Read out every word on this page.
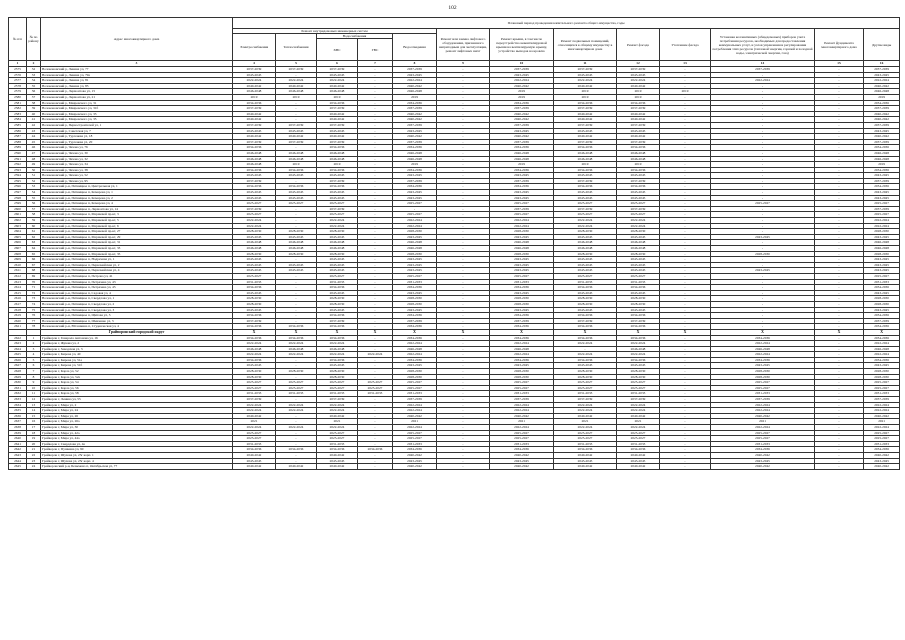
102
№ п/п	№ по району	Адрес многоквартирного дома	Плановый период проведения капитального ремонта общего имущества, годы												
			Ремонт внутридомовых инженерных систем					Ремонт или замена лифтового оборудования, признанного непригодным для эксплуатации, ремонт лифтовых шахт	Ремонт крыши, в том числе переустройство невентилируемой крыши на вентилируемую крышу, устройство выходов на кровлю	Ремонт подвальных помещений, относящихся к общему имуществу в многоквартирном доме	Ремонт фасада	Утепление фасада	Установка коллективных (общедомовых) приборов учета потребления ресурсов, необходимых для предоставления коммунальных услуг, и узлов управления и регулирования потребления этих ресурсов (тепловой энергии, горячей и холодной воды, электрической энергии, газа)	Ремонт фундамента многоквартирного дома	Другие виды
			Электроснабжения	Теплоснабжения	Водоснабжения		Водоотведения								
					ХВС	ГВС									
1	2	3	4	5	6	7	8	9	10	11	12	13	14	15	16
2575	32	Волоконовский р, Ленина ул, 77	2037-2039	2037-2039	2037-2039	-	2037-2039	-	2037-2039	2037-2039	2037-2039	-	2037-2039	-	2037-2039
2576	33	Волоконовский р, Ленина ул, 79а	2043-2045	-	2043-2045	-	2043-2045	-	2043-2045	2043-2045	2043-2045	-	-	-	2043-2045
2577	34	Волоконовский р, Ленина ул, 81	2022-2024	2022-2024	2022-2024	-	2022-2024	-	2022-2024	2022-2024	2022-2024	-	2022-2024	-	2022-2024
2578	35	Волоконовский р, Ленина ул, 83	2040-2042	2040-2042	2040-2042	-	2040-2042	-	2040-2042	2040-2042	2040-2042	-	-	-	2040-2042
2579	36	Волоконовский р, Лермонтова ул, 15	2046-2048	2046-2048	2046-2048	-	2046-2048	-	2019	2019	2019	2019	-	-	2046-2048
2580	37	Волоконовский р, Лермонтова ул, 21	2019	2019	2019	-	2019	-	2019	2019	2019	-	-	-	2019
2581	38	Волоконовский р, Маяровского ул, 31	2034-2036	-	2034-2036	-	2034-2036	-	2034-2036	2034-2036	2034-2036	-	-	-	2034-2036
2582	39	Волоконовский р, Маяровского ул, 31б	2037-2039	-	2037-2039	-	2037-2039	-	2037-2039	2037-2039	2037-2039	-	-	-	2037-2039
2583	40	Волоконовский р, Маяровского ул, 33	2040-2042	-	2040-2042	-	2040-2042	-	2040-2042	2040-2042	2040-2042	-	-	-	2040-2042
2584	41	Волоконовский р, Маяровского ул, 35	2040-2042	-	2040-2042	-	2040-2042	-	2040-2042	2040-2042	2040-2042	-	-	-	2040-2042
2585	42	Волоконовский р, Первостроителей ул, 1	2037-2039	2037-2039	2037-2039	-	2037-2039	-	2037-2039	2037-2039	2037-2039	-	-	-	2037-2039
2586	43	Волоконовский р, Советская ул, 7	2043-2045	2043-2045	2043-2045	-	2043-2045	-	2043-2045	2043-2045	2043-2045	-	-	-	2043-2045
2587	44	Волоконовский р, Тургенева ул, 18	2040-2042	2040-2042	2040-2042	-	2040-2042	-	2040-2042	2040-2042	2040-2042	-	-	-	2040-2042
2588	45	Волоконовский р, Тургенева ул, 20	2037-2039	2037-2039	2037-2039	-	2037-2039	-	2037-2039	2037-2039	2037-2039	-	-	-	2037-2039
2589	46	Волоконовский р, Чехова ул, 76	2034-2036	-	2034-2036	-	2034-2036	-	2034-2036	2034-2036	2034-2036	-	-	-	2034-2036
2590	47	Волоконовский р, Чехова ул, 30	2046-2048	2046-2048	2046-2048	-	2046-2048	-	2046-2048	2046-2048	2046-2048	-	-	-	2046-2048
2591	48	Волоконовский р, Чехова ул, 32	2046-2048	2046-2048	2046-2048	-	2046-2048	-	2046-2048	2046-2048	2046-2048	-	-	-	2046-2048
2592	49	Волоконовский р, Чехова ул, 34	2046-2048	2019	2019	-	2019	-	2019	2019	2019	-	-	-	2019
2593	50	Волоконовский р, Чехова ул, 38	2034-2036	2034-2036	2034-2036	-	2034-2036	-	2034-2036	2034-2036	2034-2036	-	-	-	2034-2036
2594	51	Волоконовский р, Чехова ул, 52	2043-2045	2043-2045	2043-2045	-	2043-2045	-	2043-2045	2043-2045	2043-2045	-	-	-	2043-2045
2595	52	Волоконовский р, Чехова ул, 95	2037-2039	-	2037-2039	-	2037-2039	-	2037-2039	2037-2039	2037-2039	-	-	-	2037-2039
2596	53	Волоконовский р-н, Пятницкое п, Центральная ул, 1	2034-2036	2034-2036	2034-2036	-	2034-2036	-	2034-2036	2034-2036	2034-2036	-	-	-	2034-2036
2597	54	Волоконовский р-н, Пятницкое п, Комарова ул, 1	2043-2045	2043-2045	2043-2045	-	2043-2045	-	2043-2045	2043-2045	2043-2045	-	-	-	2043-2045
2598	55	Волоконовский р-н, Пятницкое п, Комарова ул, 2	2043-2045	2043-2045	2043-2045	-	2043-2045	-	2043-2045	2043-2045	2043-2045	-	-	-	2043-2045
2599	56	Волоконовский р-н, Пятницкое п, Комарова ул, 4	2025-2027	2025-2027	2025-2027	-	2025-2027	-	2025-2027	2025-2027	2025-2027	-	2025-2027	-	2025-2027
2600	57	Волоконовский р-н, Пятницкое п, Лермонтова ул, 14	2037-2039	-	2037-2039	-	-	-	2037-2039	2037-2039	2037-2039	-	-	-	2037-2039
2601	58	Волоконовский р-н, Пятницкое п, Маршевой пр-кт, 3	2025-2027	-	2025-2027	-	2025-2027	-	2025-2027	2025-2027	2025-2027	-	-	-	2025-2027
2602	59	Волоконовский р-н, Пятницкое п, Маршевой пр-кт, 5	2022-2024	-	2022-2024	-	2022-2024	-	2022-2024	2022-2024	2022-2024	-	-	-	2022-2024
2603	60	Волоконовский р-н, Пятницкое п, Маршевой пр-кт, 6	2022-2024	-	2022-2024	-	2022-2024	-	2022-2024	2022-2024	2022-2024	-	-	-	2022-2024
2604	61	Волоконовский р-н, Пятницкое п, Маршевой пр-кт, 27	2028-2030	2028-2030	2028-2030	-	2028-2030	-	2028-2030	2028-2030	2028-2030	-	-	-	2028-2030
2605	62	Волоконовский р-н, Пятницкое п, Маршевой пр-кт, 29	2043-2045	2043-2045	2043-2045	-	2043-2045	-	2043-2045	2043-2045	2043-2045	-	2043-2045	-	2043-2045
2606	63	Волоконовский р-н, Пятницкое п, Маршевой пр-кт, 31	2046-2048	2046-2048	2046-2048	-	2046-2048	-	2046-2048	2046-2048	2046-2048	-	-	-	2046-2048
2607	64	Волоконовский р-н, Пятницкое п, Маршевой пр-кт, 33	2046-2048	2046-2048	2046-2048	-	2046-2048	-	2046-2048	2046-2048	2046-2048	-	-	-	2046-2048
2608	65	Волоконовский р-н, Пятницкое п, Маршевой пр-кт, 35	2028-2030	2028-2030	2028-2030	-	2028-2030	-	2028-2030	2028-2030	2028-2030	-	2028-2030	-	2028-2030
2609	66	Волоконовский р-н, Пятницкое п, Надречная ул, 1	2043-2045	-	2043-2045	-	2043-2045	-	2043-2045	2043-2045	2043-2045	-	-	-	2043-2045
2610	67	Волоконовский р-н, Пятницкое п, Первомайская ул, 2	2043-2045	2043-2045	2043-2045	-	2043-2045	-	2043-2045	2043-2045	2043-2045	-	-	-	2043-2045
2611	68	Волоконовский р-н, Пятницкое п, Первомайская ул, 4	2043-2045	2043-2045	2043-2045	-	2043-2045	-	2043-2045	2043-2045	2043-2045	-	2043-2045	-	2043-2045
2612	69	Волоконовский р-н, Пятницкое п, Петрова ул, 41	2025-2027	-	2025-2027	-	2025-2027	-	2025-2027	2025-2027	2025-2027	-	-	-	2025-2027
2613	70	Волоконовский р-н, Пятницкое п, Петрачева ул, 43	2031-2033	-	2031-2033	-	2031-2033	-	2031-2033	2031-2033	2031-2033	-	-	-	2031-2033
2614	71	Волоконовский р-н, Пятницкое п, Петрачева ул, 45	2034-2036	-	2034-2036	-	2034-2036	-	2034-2036	2034-2036	2034-2036	-	-	-	2034-2036
2615	72	Волоконовский р-н, Пятницкое п, Садовая ул, 4	2043-2045	-	2043-2045	-	2043-2045	-	2043-2045	2043-2045	2043-2045	-	-	-	2043-2045
2616	73	Волоконовский р-н, Пятницкое п, Свердлова ул, 1	2028-2030	-	2028-2030	-	2028-2030	-	2028-2030	2028-2030	2028-2030	-	-	-	2028-2030
2617	74	Волоконовский р-н, Пятницкое п, Свердлова ул, 2	2028-2030	-	2028-2030	-	2028-2030	-	2028-2030	2028-2030	2028-2030	-	-	-	2028-2030
2618	75	Волоконовский р-н, Пятницкое п, Свердлова ул, 3	2043-2045	-	2043-2045	-	2043-2045	-	2043-2045	2043-2045	2043-2045	-	-	-	2043-2045
2619	76	Волоконовский р-н, Пятницкое п, Щитова ул, 3	2034-2036	-	2034-2036	-	2034-2036	-	2034-2036	2034-2036	2034-2036	-	-	-	2034-2036
2620	77	Волоконовский р-н, Пятницкое п, Шевченко ул, 3	2037-2039	-	2037-2039	-	2037-2039	-	2037-2039	2037-2039	2037-2039	-	-	-	2037-2039
2621	78	Волоконовский р-н, Юташкина п, Студенческая ул, 4	2034-2036	2034-2036	2034-2036	-	2034-2036	-	2034-2036	2034-2036	2034-2036	-	-	-	2034-2036
		Грайворонский городской округ	X	X	X	X	X	X	X	X	X	X	X	X	X
2622	1	Грайворон г, Генерала Антонова ул, 16	2034-2036	2034-2036	2034-2036	-	2034-2036	-	2034-2036	2034-2036	2034-2036	-	2034-2036	-	2034-2036
2623	2	Грайворон г, Жукова ул, 2	2022-2024	2022-2024	2022-2024	-	2022-2024	-	2022-2024	2022-2024	2022-2024	-	2022-2024	-	2022-2024
2624	3	Грайворон г, Заводская ул, 3	2046-2048	2046-2048	2046-2048	-	2046-2048	-	2046-2048	-	2046-2048	-	2046-2048	-	2046-2048
2625	4	Грайворон г, Кирова ул, 40	2022-2024	2022-2024	2022-2024	2022-2024	2022-2024	-	2022-2024	2022-2024	2022-2024	-	2022-2024	-	2022-2024
2626	5	Грайворон г, Кирова ул, 51а	2034-2036	-	2034-2036	-	2034-2036	-	2034-2036	2034-2036	2034-2036	-	2034-2036	-	2034-2036
2627	6	Грайворон г, Кирова ул, 51б	2043-2045	-	2043-2045	-	2043-2045	-	2043-2045	2043-2045	2043-2045	-	2043-2045	-	2043-2045
2628	7	Грайворон г, Карла ул, 52	2028-2030	2028-2030	2028-2030	-	2028-2030	-	2028-2030	2028-2030	2028-2030	-	2028-2030	-	2028-2030
2629	8	Грайворон г, Карла ул, 52а	2028-2030	-	2028-2030	-	2028-2030	-	2028-2030	2028-2030	2028-2030	-	2028-2030	-	2028-2030
2630	9	Грайворон г, Карла ул, 54	2025-2027	2025-2027	2025-2027	2025-2027	2025-2027	-	2025-2027	2025-2027	2025-2027	-	2025-2027	-	2025-2027
2631	10	Грайворон г, Карла ул, 56	2025-2027	2025-2027	2025-2027	2025-2027	2025-2027	-	2025-2027	2025-2027	2025-2027	-	2025-2027	-	2025-2027
2632	11	Грайворон г, Карла ул, 58	2031-2033	2031-2033	2031-2033	2031-2033	2031-2033	-	2031-2033	2031-2033	2031-2033	-	2031-2033	-	2031-2033
2633	12	Грайворон г, Ленина ул, 55	2037-2039	-	2037-2039	-	2037-2039	-	2037-2039	2037-2039	2037-2039	-	2037-2039	-	2037-2039
2634	13	Грайворон г, Мира ул, 2	2022-2024	2022-2024	2022-2024	-	2022-2024	-	2022-2024	2022-2024	2022-2024	-	2022-2024	-	2022-2024
2635	14	Грайворон г, Мира ул, 24	2022-2024	2022-2024	2022-2024	-	2022-2024	-	2022-2024	2022-2024	2022-2024	-	2022-2024	-	2022-2024
2636	15	Грайворон г, Мира ул, 26	2040-2042	-	2040-2042	-	2040-2042	-	2040-2042	2040-2042	2040-2042	-	2040-2042	-	2040-2042
2637	16	Грайворон г, Мира ул, 26а	2021	-	2021	-	2021	-	2021	2021	2021	-	2021	-	2021
2638	17	Грайворон г, Мира ул, 30	2022-2024	2022-2024	2022-2024	-	2022-2024	-	2022-2024	2022-2024	2022-2024	-	2022-2024	-	2022-2024
2639	18	Грайворон г, Мира ул, 42а	2025-2027	-	2025-2027	-	2025-2027	-	2025-2027	2025-2027	2025-2027	-	2025-2027	-	2025-2027
2640	19	Грайворон г, Мира ул, 44а	2025-2027	-	2025-2027	-	2025-2027	-	2025-2027	2025-2027	2025-2027	-	2025-2027	-	2025-2027
2641	20	Грайворон г, Свердлова ул, 4а	2031-2033	-	2031-2033	-	2031-2033	-	2031-2033	2031-2033	2031-2033	-	2031-2033	-	2031-2033
2642	21	Грайворон г, Пушкина ул, 90	2034-2036	2034-2036	2034-2036	2034-2036	2034-2036	-	2034-2036	2034-2036	2034-2036	-	2034-2036	-	2034-2036
2643	22	Грайворон г, Шухова ул, 25г корп. 1	2040-2042	-	2040-2042	-	2040-2042	-	2040-2042	2040-2042	2040-2042	-	2040-2042	-	2040-2042
2644	23	Грайворон г, Шухова ул, 25г корп. 4	2043-2045	-	2043-2045	-	2043-2045	-	2043-2045	2043-2045	2043-2045	-	2043-2045	-	2043-2045
2645	24	Грайворонский р-н, Безымено п, Октябрьская ул, 77	2040-2042	2040-2042	2040-2042	-	2040-2042	-	2040-2042	2040-2042	2040-2042	-	2040-2042	-	2040-2042
